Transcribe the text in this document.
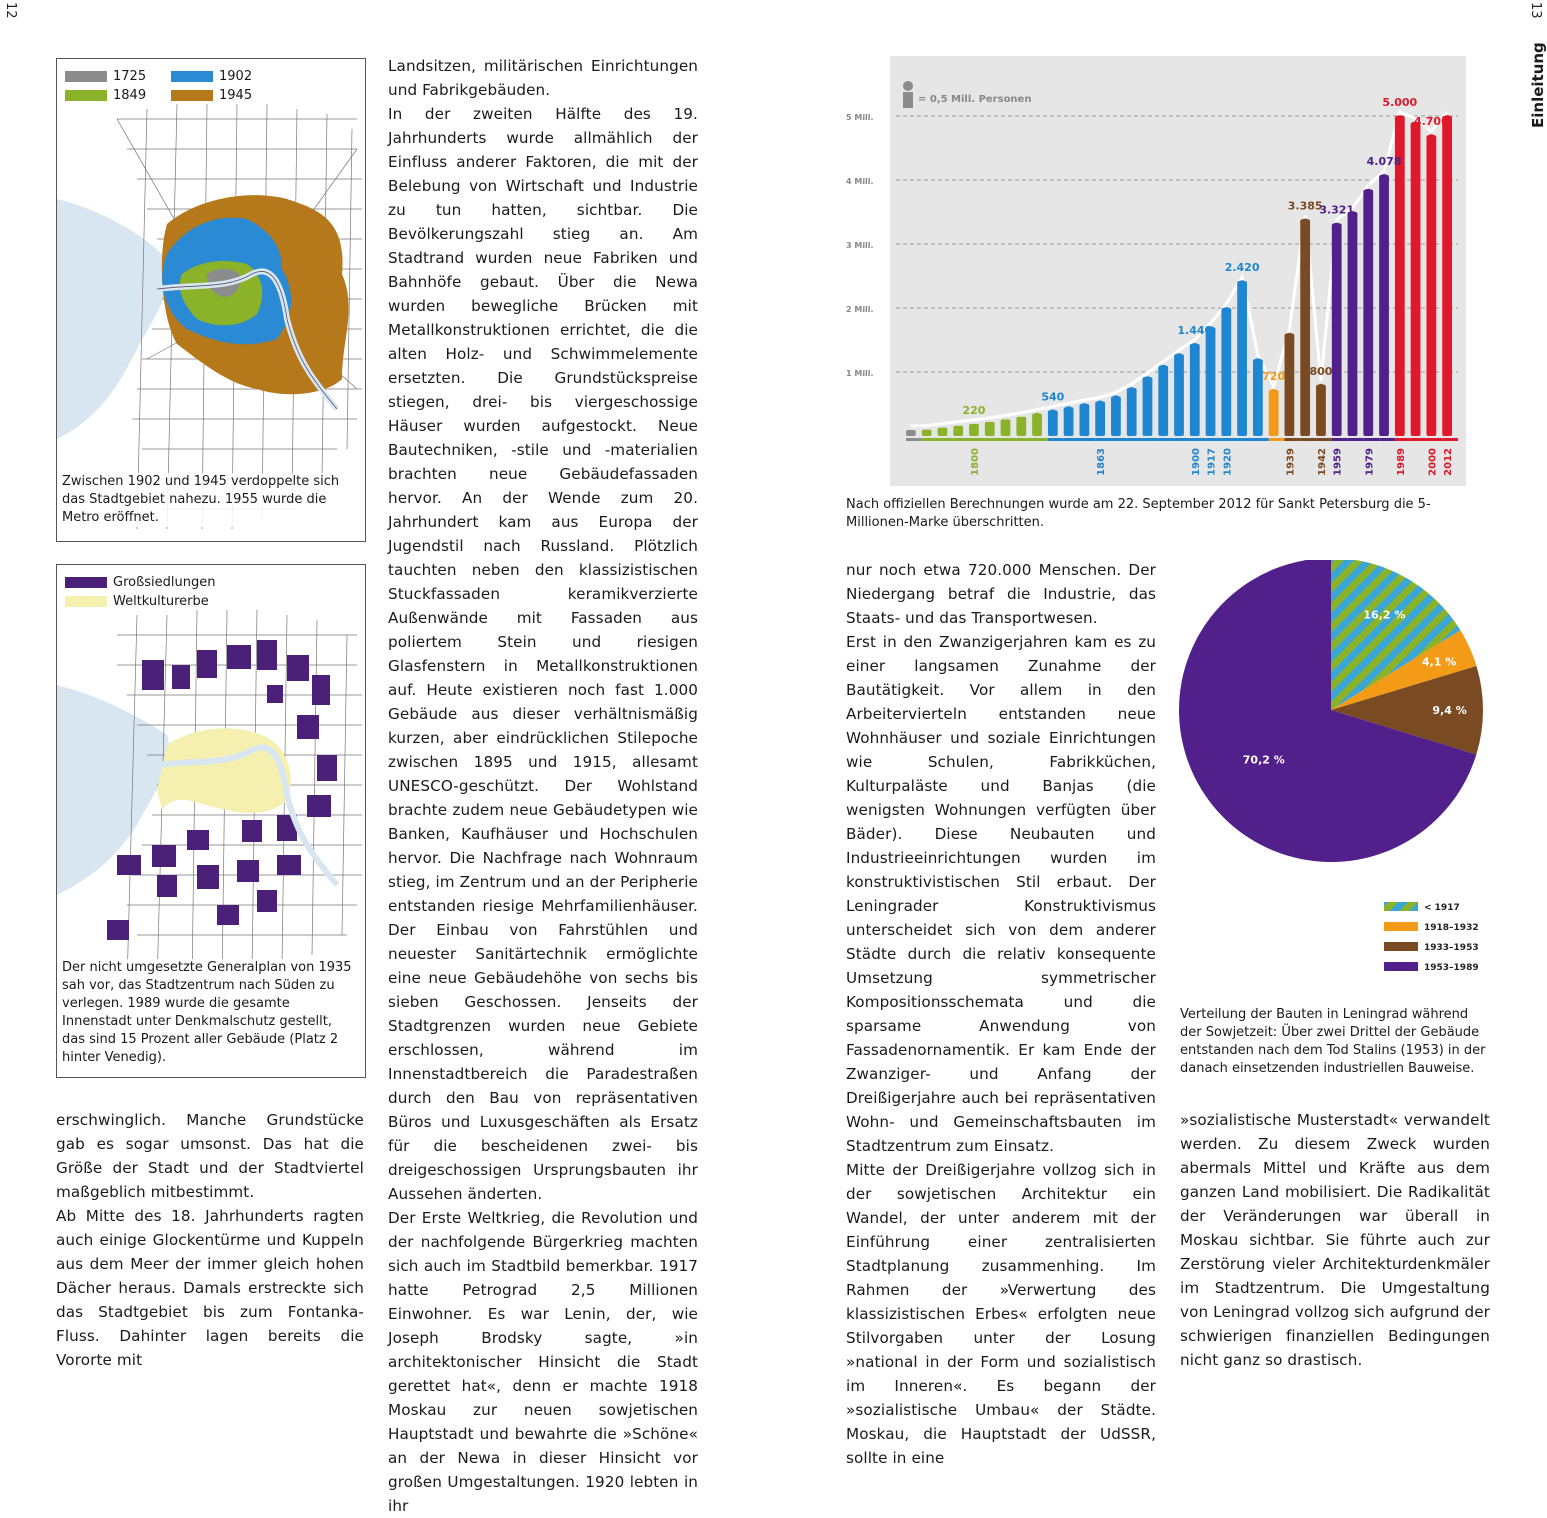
12	13
Einleitung
1725	1902
1849	1945
Zwischen 1902 und 1945 verdoppelte sich das Stadtgebiet nahezu. 1955 wurde die Metro eröffnet.
Großsiedlungen
Weltkulturerbe
Der nicht umgesetzte Generalplan von 1935 sah vor, das Stadtzentrum nach Süden zu verlegen. 1989 wurde die gesamte Innenstadt unter Denkmalschutz gestellt, das sind 15 Prozent aller Gebäude (Platz 2 hinter Venedig).

erschwinglich. Manche Grundstücke gab es sogar umsonst. Das hat die Größe der Stadt und der Stadtviertel maßgeblich mitbestimmt.

Ab Mitte des 18. Jahrhunderts ragten auch einige Glockentürme und Kuppeln aus dem Meer der immer gleich hohen Dächer heraus. Damals erstreckte sich das Stadtgebiet bis zum Fontanka-Fluss. Dahinter lagen bereits die Vororte mit

Landsitzen, militärischen Einrichtungen und Fabrikgebäuden.

In der zweiten Hälfte des 19. Jahrhunderts wurde allmählich der Einfluss anderer Faktoren, die mit der Belebung von Wirtschaft und Industrie zu tun hatten, sichtbar. Die Bevölkerungszahl stieg an. Am Stadtrand wurden neue Fabriken und Bahnhöfe gebaut. Über die Newa wurden bewegliche Brücken mit Metallkonstruktionen errichtet, die die alten Holz- und Schwimmelemente ersetzten. Die Grundstückspreise stiegen, drei- bis viergeschossige Häuser wurden aufgestockt. Neue Bautechniken, -stile und -materialien brachten neue Gebäudefassaden hervor. An der Wende zum 20. Jahrhundert kam aus Europa der Jugendstil nach Russland. Plötzlich tauchten neben den klassizistischen Stuckfassaden keramikverzierte Außenwände mit Fassaden aus poliertem Stein und riesigen Glasfenstern in Metallkonstruktionen auf. Heute existieren noch fast 1.000 Gebäude aus dieser verhältnismäßig kurzen, aber eindrücklichen Stilepoche zwischen 1895 und 1915, allesamt UNESCO-geschützt. Der Wohlstand brachte zudem neue Gebäudetypen wie Banken, Kaufhäuser und Hochschulen hervor. Die Nachfrage nach Wohnraum stieg, im Zentrum und an der Peripherie entstanden riesige Mehrfamilienhäuser. Der Einbau von Fahrstühlen und neuester Sanitärtechnik ermöglichte eine neue Gebäudehöhe von sechs bis sieben Geschossen. Jenseits der Stadtgrenzen wurden neue Gebiete erschlossen, während im Innenstadtbereich die Paradestraßen durch den Bau von repräsentativen Büros und Luxusgeschäften als Ersatz für die bescheidenen zwei- bis dreigeschossigen Ursprungsbauten ihr Aussehen änderten.

Der Erste Weltkrieg, die Revolution und der nachfolgende Bürgerkrieg machten sich auch im Stadtbild bemerkbar. 1917 hatte Petrograd 2,5 Millionen Einwohner. Es war Lenin, der, wie Joseph Brodsky sagte, »in architektonischer Hinsicht die Stadt gerettet hat«, denn er machte 1918 Moskau zur neuen sowjetischen Hauptstadt und bewahrte die »Schöne« an der Newa in dieser Hinsicht vor großen Umgestaltungen. 1920 lebten in ihr

1 Mill.
2 Mill.
3 Mill.
4 Mill.
5 Mill.
220
540
1.440
2.420
720
3.385
800
3.321
4.078
5.000
4.700
= 0,5 Mill. Personen
1800	1863	1900 1917 1920	1939 1942 1959 1979 1989 2000 2012
Nach offiziellen Berechnungen wurde am 22. September 2012 für Sankt Petersburg die 5-Millionen-Marke überschritten.

nur noch etwa 720.000 Menschen. Der Niedergang betraf die Industrie, das Staats- und das Transportwesen.

Erst in den Zwanzigerjahren kam es zu einer langsamen Zunahme der Bautätigkeit. Vor allem in den Arbeitervierteln entstanden neue Wohnhäuser und soziale Einrichtungen wie Schulen, Fabrikküchen, Kulturpaläste und Banjas (die wenigsten Wohnungen verfügten über Bäder). Diese Neubauten und Industrieeinrichtungen wurden im konstruktivistischen Stil erbaut. Der Leningrader Konstruktivismus unterscheidet sich von dem anderer Städte durch die relativ konsequente Umsetzung symmetrischer Kompositionsschemata und die sparsame Anwendung von Fassadenornamentik. Er kam Ende der Zwanziger- und Anfang der Dreißigerjahre auch bei repräsentativen Wohn- und Gemeinschaftsbauten im Stadtzentrum zum Einsatz.

Mitte der Dreißigerjahre vollzog sich in der sowjetischen Architektur ein Wandel, der unter anderem mit der Einführung einer zentralisierten Stadtplanung zusammenhing. Im Rahmen der »Verwertung des klassizistischen Erbes« erfolgten neue Stilvorgaben unter der Losung »national in der Form und sozialistisch im Inneren«. Es begann der »sozialistische Umbau« der Städte. Moskau, die Hauptstadt der UdSSR, sollte in eine

16,2 %
4,1 %
9,4 %
70,2 %
< 1917
1918–1932
1933–1953
1953–1989
Verteilung der Bauten in Leningrad während der Sowjetzeit: Über zwei Drittel der Gebäude entstanden nach dem Tod Stalins (1953) in der danach einsetzenden industriellen Bauweise.

»sozialistische Musterstadt« verwandelt werden. Zu diesem Zweck wurden abermals Mittel und Kräfte aus dem ganzen Land mobilisiert. Die Radikalität der Veränderungen war überall in Moskau sichtbar. Sie führte auch zur Zerstörung vieler Architekturdenkmäler im Stadtzentrum. Die Umgestaltung von Leningrad vollzog sich aufgrund der schwierigen finanziellen Bedingungen nicht ganz so drastisch.
